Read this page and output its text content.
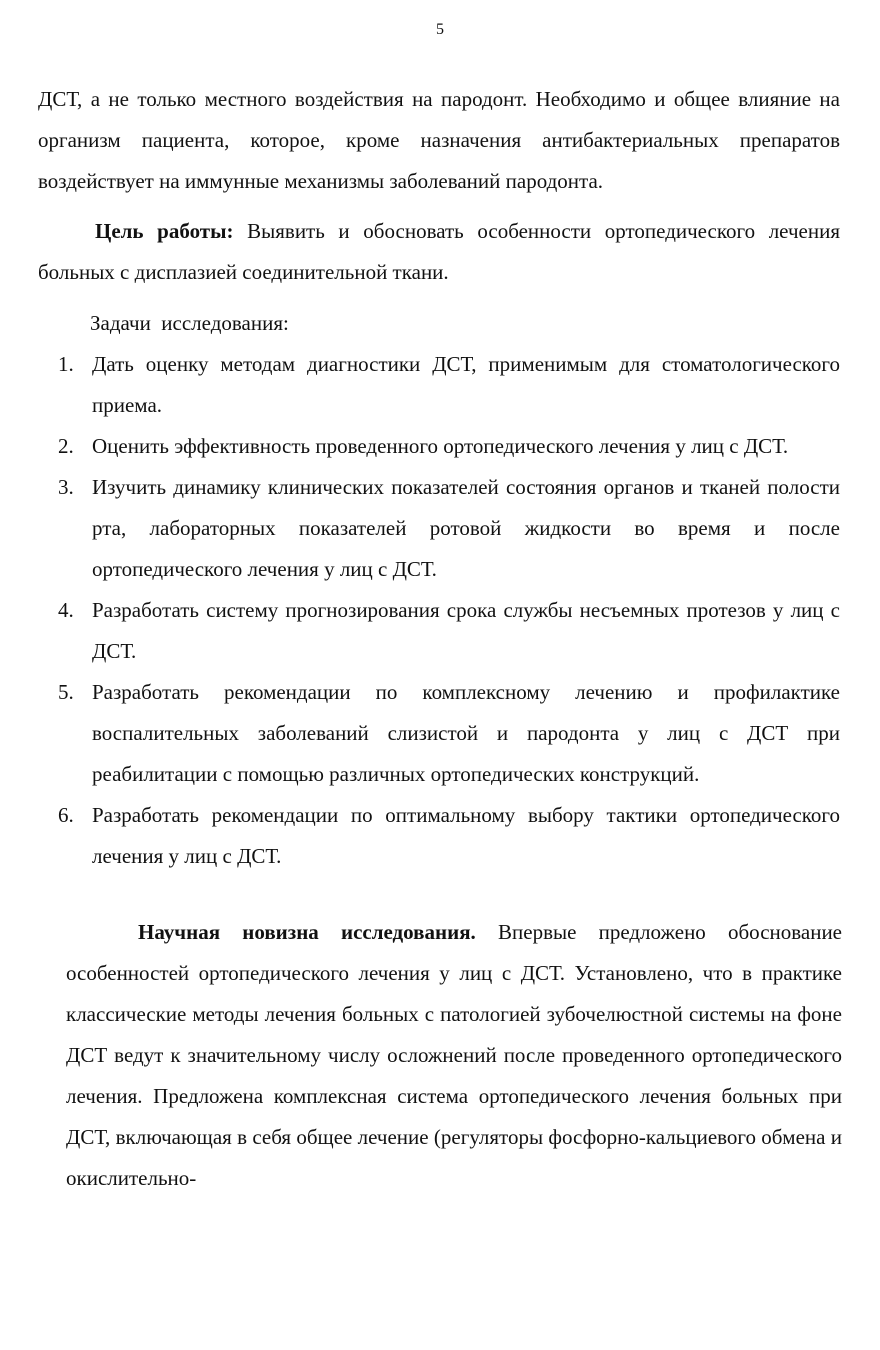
5

ДСТ, а не только местного воздействия на пародонт. Необходимо и общее влияние на организм пациента, которое, кроме назначения антибактериальных препаратов воздействует на иммунные механизмы заболеваний пародонта.

Цель работы: Выявить и обосновать особенности ортопедического лечения больных с дисплазией соединительной ткани.

Задачи  исследования:
1. Дать оценку методам диагностики ДСТ, применимым для стоматологического приема.
2. Оценить эффективность проведенного ортопедического лечения у лиц с ДСТ.
3. Изучить динамику клинических показателей состояния органов и тканей полости рта, лабораторных показателей ротовой жидкости во время и после ортопедического лечения у лиц с ДСТ.
4. Разработать систему прогнозирования срока службы несъемных протезов у лиц с ДСТ.
5. Разработать рекомендации по комплексному лечению и профилактике воспалительных заболеваний слизистой и пародонта у лиц с ДСТ при реабилитации с помощью различных ортопедических конструкций.
6. Разработать рекомендации по оптимальному выбору тактики ортопедического лечения у лиц с ДСТ.

Научная новизна исследования. Впервые предложено обоснование особенностей ортопедического лечения у лиц с ДСТ. Установлено, что в практике классические методы лечения больных с патологией зубочелюстной системы на фоне ДСТ ведут к значительному числу осложнений после проведенного ортопедического лечения. Предложена комплексная система ортопедического лечения больных при ДСТ, включающая в себя общее лечение (регуляторы фосфорно-кальциевого обмена и окислительно-
